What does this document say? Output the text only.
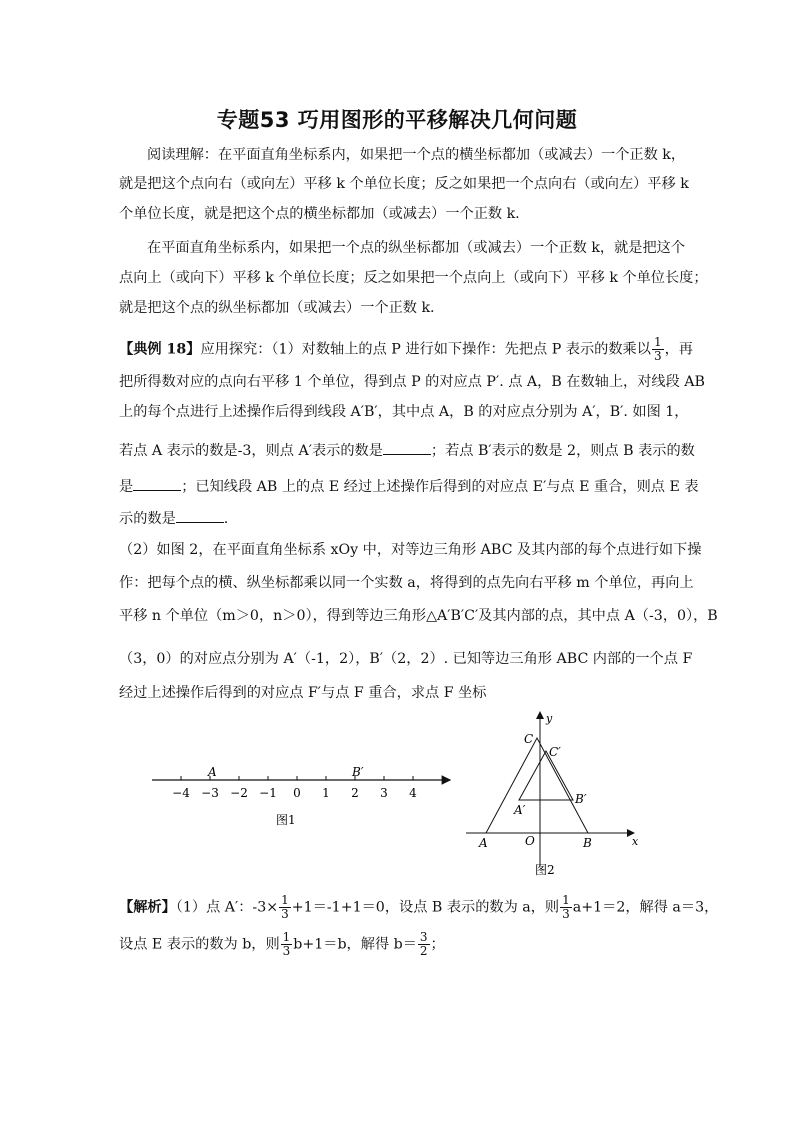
专题53 巧用图形的平移解决几何问题
阅读理解：在平面直角坐标系内，如果把一个点的横坐标都加（或减去）一个正数 k，
就是把这个点向右（或向左）平移 k 个单位长度；反之如果把一个点向右（或向左）平移 k
个单位长度，就是把这个点的横坐标都加（或减去）一个正数 k.
在平面直角坐标系内，如果把一个点的纵坐标都加（或减去）一个正数 k，就是把这个
点向上（或向下）平移 k 个单位长度；反之如果把一个点向上（或向下）平移 k 个单位长度；
就是把这个点的纵坐标都加（或减去）一个正数 k.
【典例 18】应用探究：（1）对数轴上的点 P 进行如下操作：先把点 P 表示的数乘以 $\frac{1}{3}$ ，再
把所得数对应的点向右平移 1 个单位，得到点 P 的对应点 P′. 点 A，B 在数轴上，对线段 AB
上的每个点进行上述操作后得到线段 A′B′，其中点 A，B 的对应点分别为 A′，B′. 如图 1，
若点 A 表示的数是-3，则点 A′表示的数是	；若点 B′表示的数是 2，则点 B 表示的数
是	；已知线段 AB 上的点 E 经过上述操作后得到的对应点 E′与点 E 重合，则点 E 表
示的数是	.
（2）如图 2，在平面直角坐标系 xOy 中，对等边三角形 ABC 及其内部的每个点进行如下操
作：把每个点的横、纵坐标都乘以同一个实数 a，将得到的点先向右平移 m 个单位，再向上
平移 n 个单位（m＞0，n＞0），得到等边三角形△A′B′C′及其内部的点，其中点 A（-3，0），B
（3，0）的对应点分别为 A′（-1，2），B′（2，2）. 已知等边三角形 ABC 内部的一个点 F
经过上述操作后得到的对应点 F′与点 F 重合，求点 F 坐标
−4 −3 −2 −1 0 1 2 3 4
A	B′
图1
y
x
C
C′
B′
A′
O
A	B
图2
【解析】（1）点 A′：$-3\times \frac{1}{3} +1=-1+1=0$，设点 B 表示的数为 a，则 $\frac{1}{3} a+1=2$，解得 a＝3，
设点 E 表示的数为 b，则 $\frac{1}{3} b+1=b$，解得 $b= \frac{3}{2}$ ；
